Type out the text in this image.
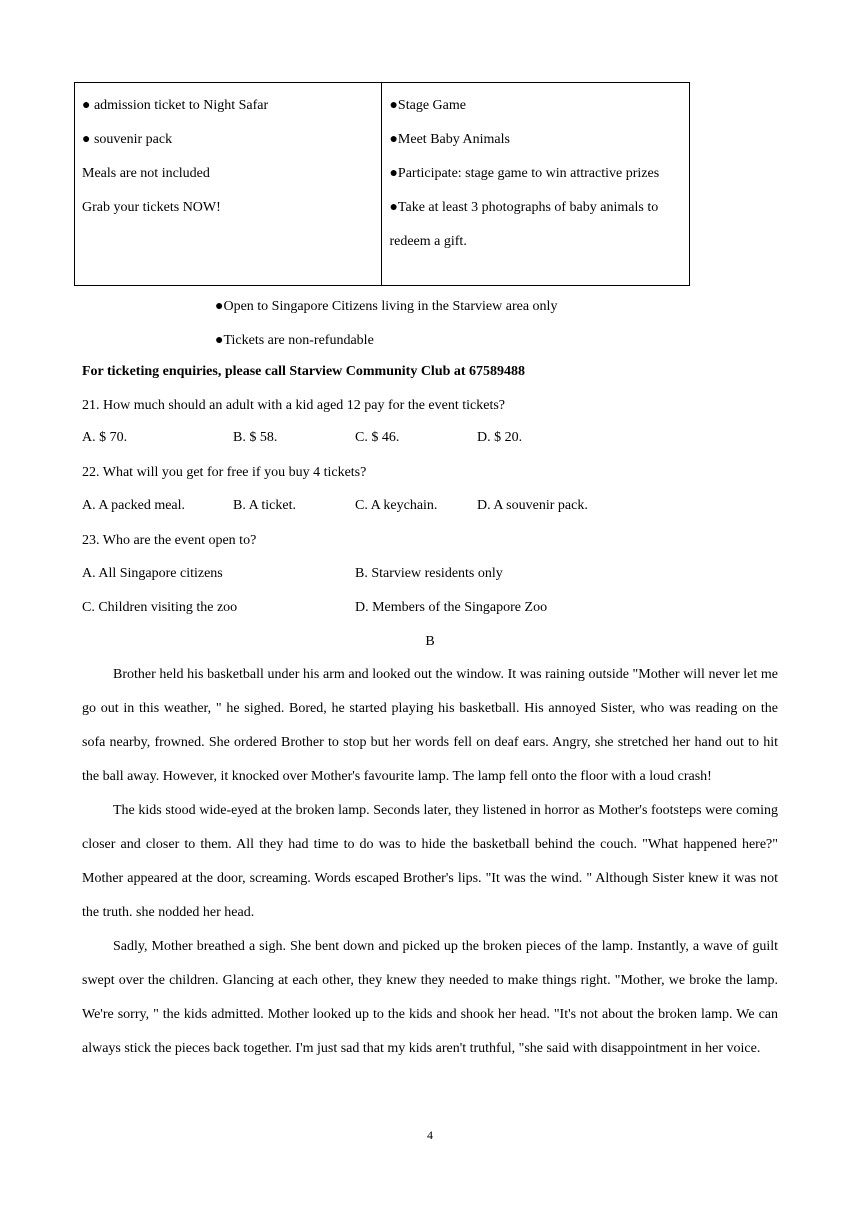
● admission ticket to Night Safar
● souvenir pack
Meals are not included
Grab your tickets NOW!

●Stage Game
●Meet Baby Animals
●Participate: stage game to win attractive prizes
●Take at least 3 photographs of baby animals to redeem a gift.
●Open to Singapore Citizens living in the Starview area only
●Tickets are non-refundable
For ticketing enquiries, please call Starview Community Club at 67589488
21. How much should an adult with a kid aged 12 pay for the event tickets?
A. $ 70.	B. $ 58.	C. $ 46.	D. $ 20.
22. What will you get for free if you buy 4 tickets?
A. A packed meal.	B. A ticket.	C. A keychain.	D. A souvenir pack.
23. Who are the event open to?
A. All Singapore citizens	B. Starview residents only
C. Children visiting the zoo	D. Members of the Singapore Zoo
B

Brother held his basketball under his arm and looked out the window. It was raining outside "Mother will never let me go out in this weather, " he sighed. Bored, he started playing his basketball. His annoyed Sister, who was reading on the sofa nearby, frowned. She ordered Brother to stop but her words fell on deaf ears. Angry, she stretched her hand out to hit the ball away. However, it knocked over Mother's favourite lamp. The lamp fell onto the floor with a loud crash!

The kids stood wide-eyed at the broken lamp. Seconds later, they listened in horror as Mother's footsteps were coming closer and closer to them. All they had time to do was to hide the basketball behind the couch. "What happened here?" Mother appeared at the door, screaming. Words escaped Brother's lips. "It was the wind. " Although Sister knew it was not the truth. she nodded her head.

Sadly, Mother breathed a sigh. She bent down and picked up the broken pieces of the lamp. Instantly, a wave of guilt swept over the children. Glancing at each other, they knew they needed to make things right. "Mother, we broke the lamp. We're sorry, " the kids admitted. Mother looked up to the kids and shook her head. "It's not about the broken lamp. We can always stick the pieces back together. I'm just sad that my kids aren't truthful, "she said with disappointment in her voice.

4
